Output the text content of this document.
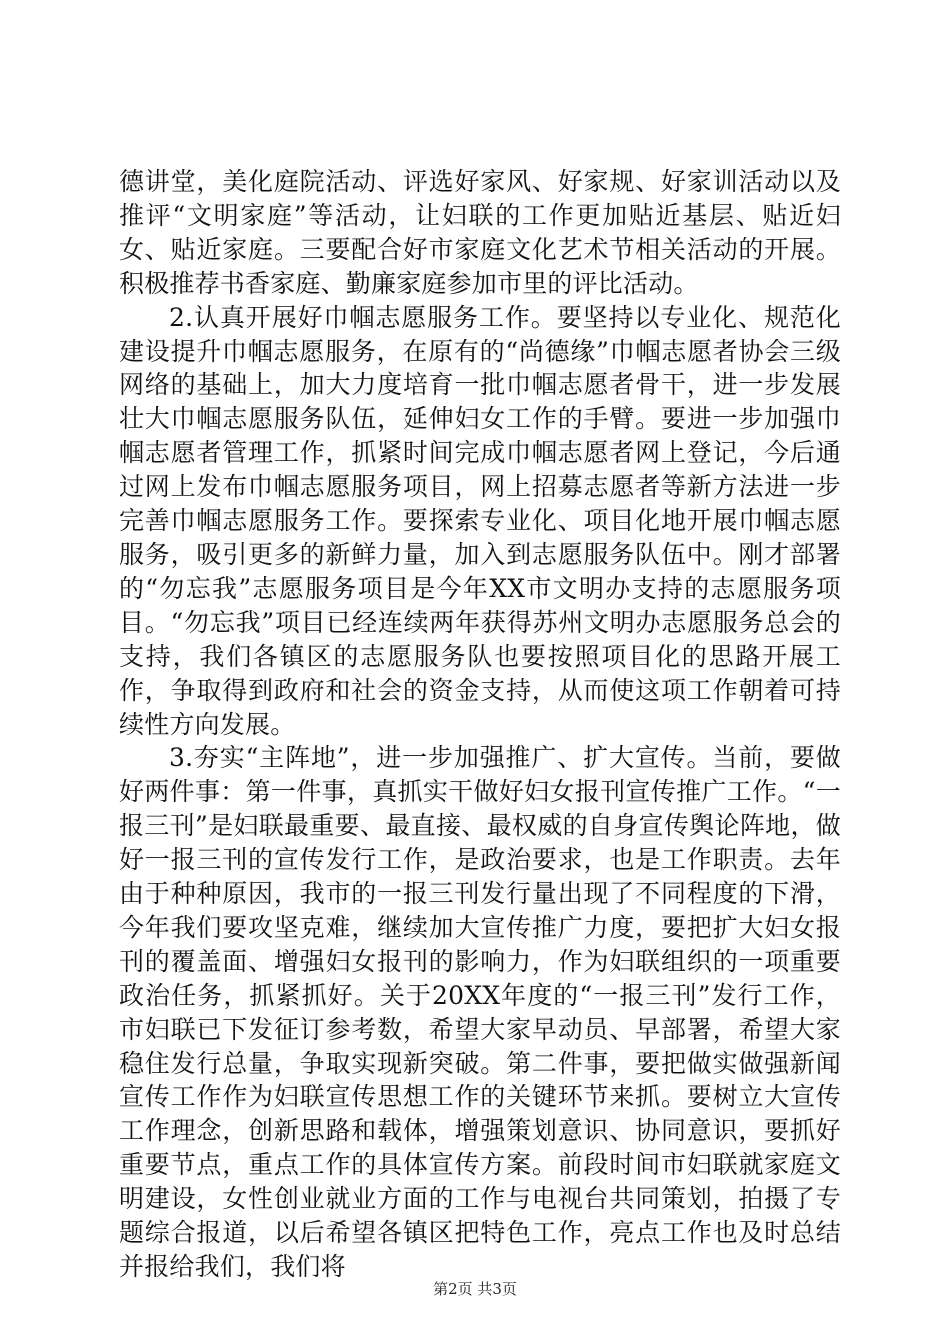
德讲堂，美化庭院活动、评选好家风、好家规、好家训活动以及推评“文明家庭”等活动，让妇联的工作更加贴近基层、贴近妇女、贴近家庭。三要配合好市家庭文化艺术节相关活动的开展。积极推荐书香家庭、勤廉家庭参加市里的评比活动。

2.认真开展好巾帼志愿服务工作。要坚持以专业化、规范化建设提升巾帼志愿服务，在原有的“尚德缘”巾帼志愿者协会三级网络的基础上，加大力度培育一批巾帼志愿者骨干，进一步发展壮大巾帼志愿服务队伍，延伸妇女工作的手臂。要进一步加强巾帼志愿者管理工作，抓紧时间完成巾帼志愿者网上登记，今后通过网上发布巾帼志愿服务项目，网上招募志愿者等新方法进一步完善巾帼志愿服务工作。要探索专业化、项目化地开展巾帼志愿服务，吸引更多的新鲜力量，加入到志愿服务队伍中。刚才部署的“勿忘我”志愿服务项目是今年XX市文明办支持的志愿服务项目。“勿忘我”项目已经连续两年获得苏州文明办志愿服务总会的支持，我们各镇区的志愿服务队也要按照项目化的思路开展工作，争取得到政府和社会的资金支持，从而使这项工作朝着可持续性方向发展。

3.夯实“主阵地”，进一步加强推广、扩大宣传。当前，要做好两件事：第一件事，真抓实干做好妇女报刊宣传推广工作。“一报三刊”是妇联最重要、最直接、最权威的自身宣传舆论阵地，做好一报三刊的宣传发行工作，是政治要求，也是工作职责。去年由于种种原因，我市的一报三刊发行量出现了不同程度的下滑，今年我们要攻坚克难，继续加大宣传推广力度，要把扩大妇女报刊的覆盖面、增强妇女报刊的影响力，作为妇联组织的一项重要政治任务，抓紧抓好。关于20XX年度的“一报三刊”发行工作，市妇联已下发征订参考数，希望大家早动员、早部署，希望大家稳住发行总量，争取实现新突破。第二件事，要把做实做强新闻宣传工作作为妇联宣传思想工作的关键环节来抓。要树立大宣传工作理念，创新思路和载体，增强策划意识、协同意识，要抓好重要节点，重点工作的具体宣传方案。前段时间市妇联就家庭文明建设，女性创业就业方面的工作与电视台共同策划，拍摄了专题综合报道，以后希望各镇区把特色工作，亮点工作也及时总结并报给我们，我们将

第2页 共3页
